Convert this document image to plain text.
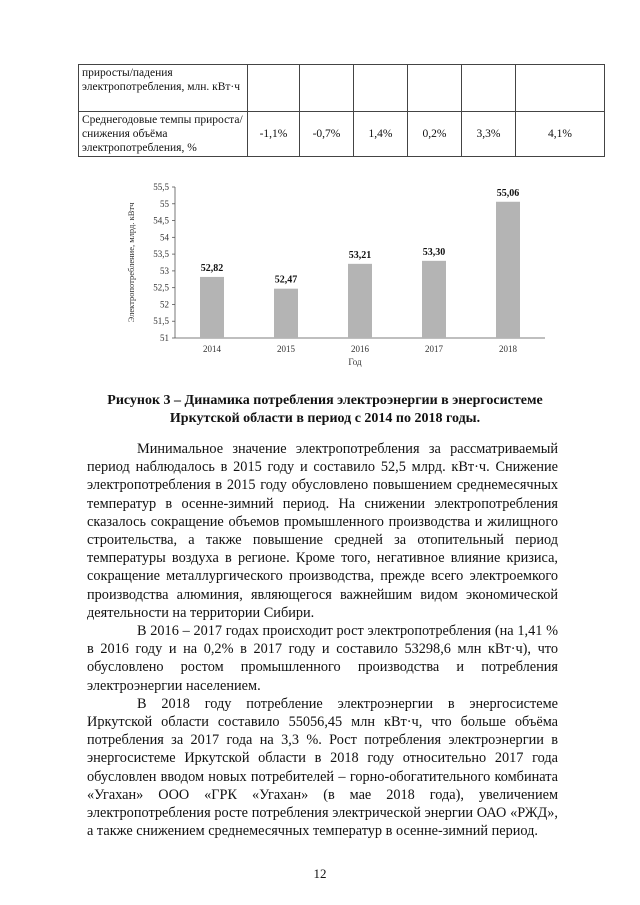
приросты/падения электропотребления, млн. кВт·ч						
Среднегодовые темпы прироста/снижения объёма электропотребления, %	-1,1%	-0,7%	1,4%	0,2%	3,3%	4,1%
51
51,5
52
52,5
53
53,5
54
54,5
55
55,5
52,82
2014
52,47
2015
53,21
2016
53,30
2017
55,06
2018
Год
Электропотребление, млрд. кВтч
Рисунок 3 – Динамика потребления электроэнергии в энергосистеме Иркутской области в период с 2014 по 2018 годы.

Минимальное значение электропотребления за рассматриваемый период наблюдалось в 2015 году и составило 52,5 млрд. кВт·ч. Снижение электропотребления в 2015 году обусловлено повышением среднемесячных температур в осенне-зимний период. На снижении электропотребления сказалось сокращение объемов промышленного производства и жилищного строительства, а также повышение средней за отопительный период температуры воздуха в регионе. Кроме того, негативное влияние кризиса, сокращение металлургического производства, прежде всего электроемкого производства алюминия, являющегося важнейшим видом экономической деятельности на территории Сибири.

В 2016 – 2017 годах происходит рост электропотребления (на 1,41 % в 2016 году и на 0,2% в 2017 году и составило 53298,6 млн кВт·ч), что обусловлено ростом промышленного производства и потребления электроэнергии населением.

В 2018 году потребление электроэнергии в энергосистеме Иркутской области составило 55056,45 млн кВт·ч, что больше объёма потребления за 2017 года на 3,3 %. Рост потребления электроэнергии в энергосистеме Иркутской области в 2018 году относительно 2017 года обусловлен вводом новых потребителей – горно-обогатительного комбината «Угахан» ООО «ГРК «Угахан» (в мае 2018 года), увеличением электропотребления росте потребления электрической энергии ОАО «РЖД», а также снижением среднемесячных температур в осенне-зимний период.

12
